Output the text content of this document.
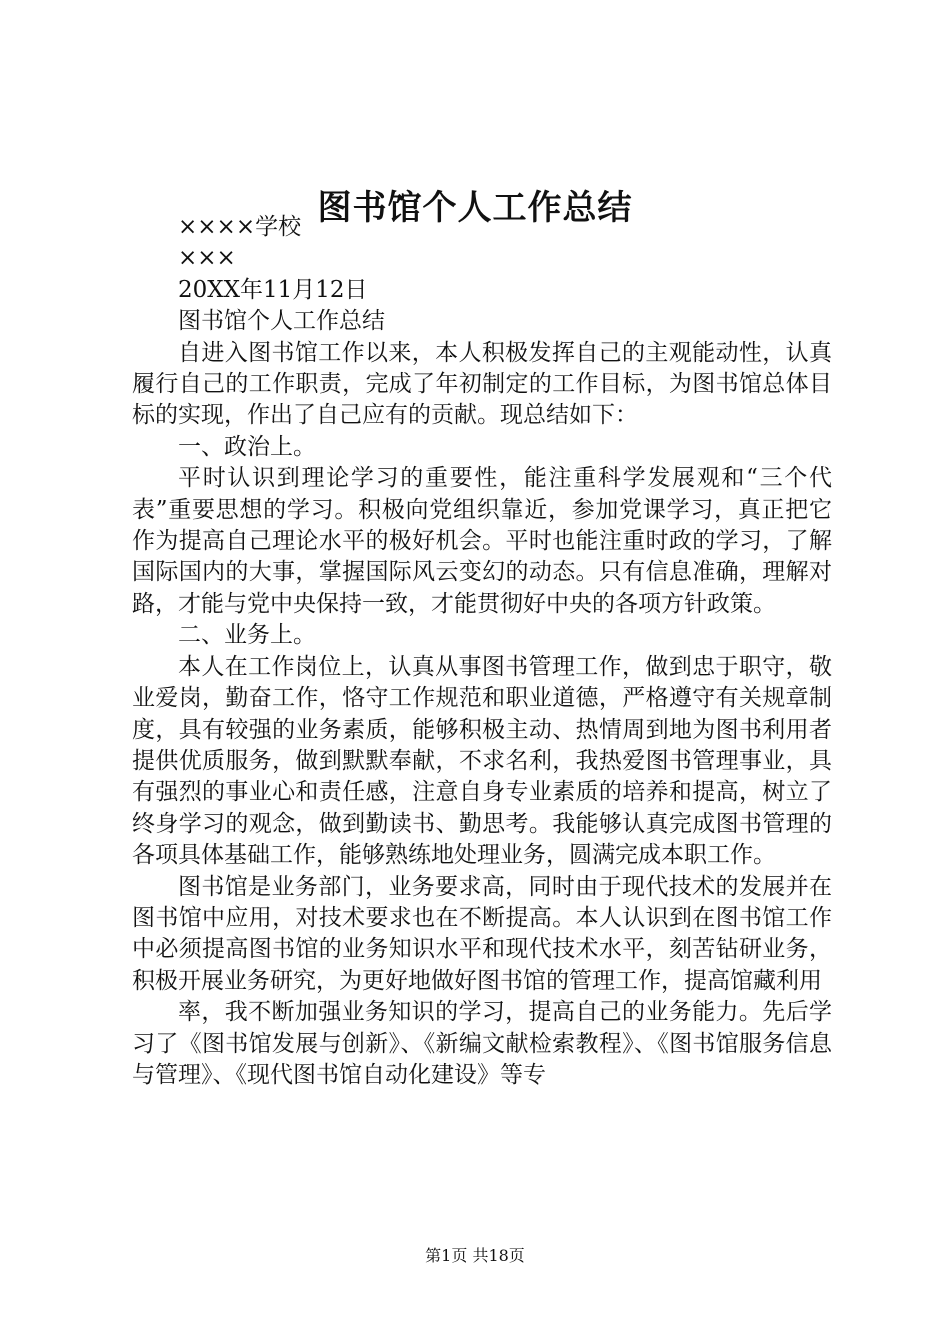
图书馆个人工作总结

××××学校

×××

20XX年11月12日

图书馆个人工作总结

自进入图书馆工作以来，本人积极发挥自己的主观能动性，认真履行自己的工作职责，完成了年初制定的工作目标，为图书馆总体目标的实现，作出了自己应有的贡献。现总结如下：

一、政治上。

平时认识到理论学习的重要性，能注重科学发展观和“三个代表”重要思想的学习。积极向党组织靠近，参加党课学习，真正把它作为提高自己理论水平的极好机会。平时也能注重时政的学习，了解国际国内的大事，掌握国际风云变幻的动态。只有信息准确，理解对路，才能与党中央保持一致，才能贯彻好中央的各项方针政策。

二、业务上。

本人在工作岗位上，认真从事图书管理工作，做到忠于职守，敬业爱岗，勤奋工作，恪守工作规范和职业道德，严格遵守有关规章制度，具有较强的业务素质，能够积极主动、热情周到地为图书利用者提供优质服务，做到默默奉献，不求名利，我热爱图书管理事业，具有强烈的事业心和责任感，注意自身专业素质的培养和提高，树立了终身学习的观念，做到勤读书、勤思考。我能够认真完成图书管理的各项具体基础工作，能够熟练地处理业务，圆满完成本职工作。

图书馆是业务部门，业务要求高，同时由于现代技术的发展并在图书馆中应用，对技术要求也在不断提高。本人认识到在图书馆工作中必须提高图书馆的业务知识水平和现代技术水平，刻苦钻研业务，积极开展业务研究，为更好地做好图书馆的管理工作，提高馆藏利用

率，我不断加强业务知识的学习，提高自己的业务能力。先后学习了《图书馆发展与创新》、《新编文献检索教程》、《图书馆服务信息与管理》、《现代图书馆自动化建设》等专

第1页 共18页
